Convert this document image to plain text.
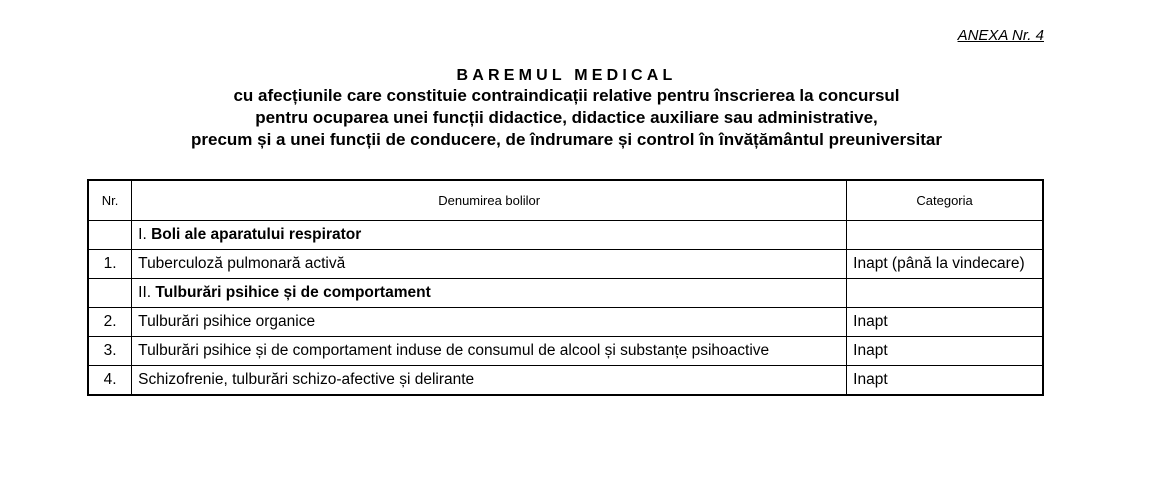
ANEXA Nr. 4
BAREMUL MEDICAL
cu afecțiunile care constituie contraindicații relative pentru înscrierea la concursul
pentru ocuparea unei funcții didactice, didactice auxiliare sau administrative,
precum și a unei funcții de conducere, de îndrumare și control în învățământul preuniversitar
Nr.	Denumirea bolilor	Categoria
	I. Boli ale aparatului respirator	
1.	Tuberculoză pulmonară activă	Inapt (până la vindecare)
	II. Tulburări psihice și de comportament	
2.	Tulburări psihice organice	Inapt
3.	Tulburări psihice și de comportament induse de consumul de alcool și substanțe psihoactive	Inapt
4.	Schizofrenie, tulburări schizo-afective și delirante	Inapt
